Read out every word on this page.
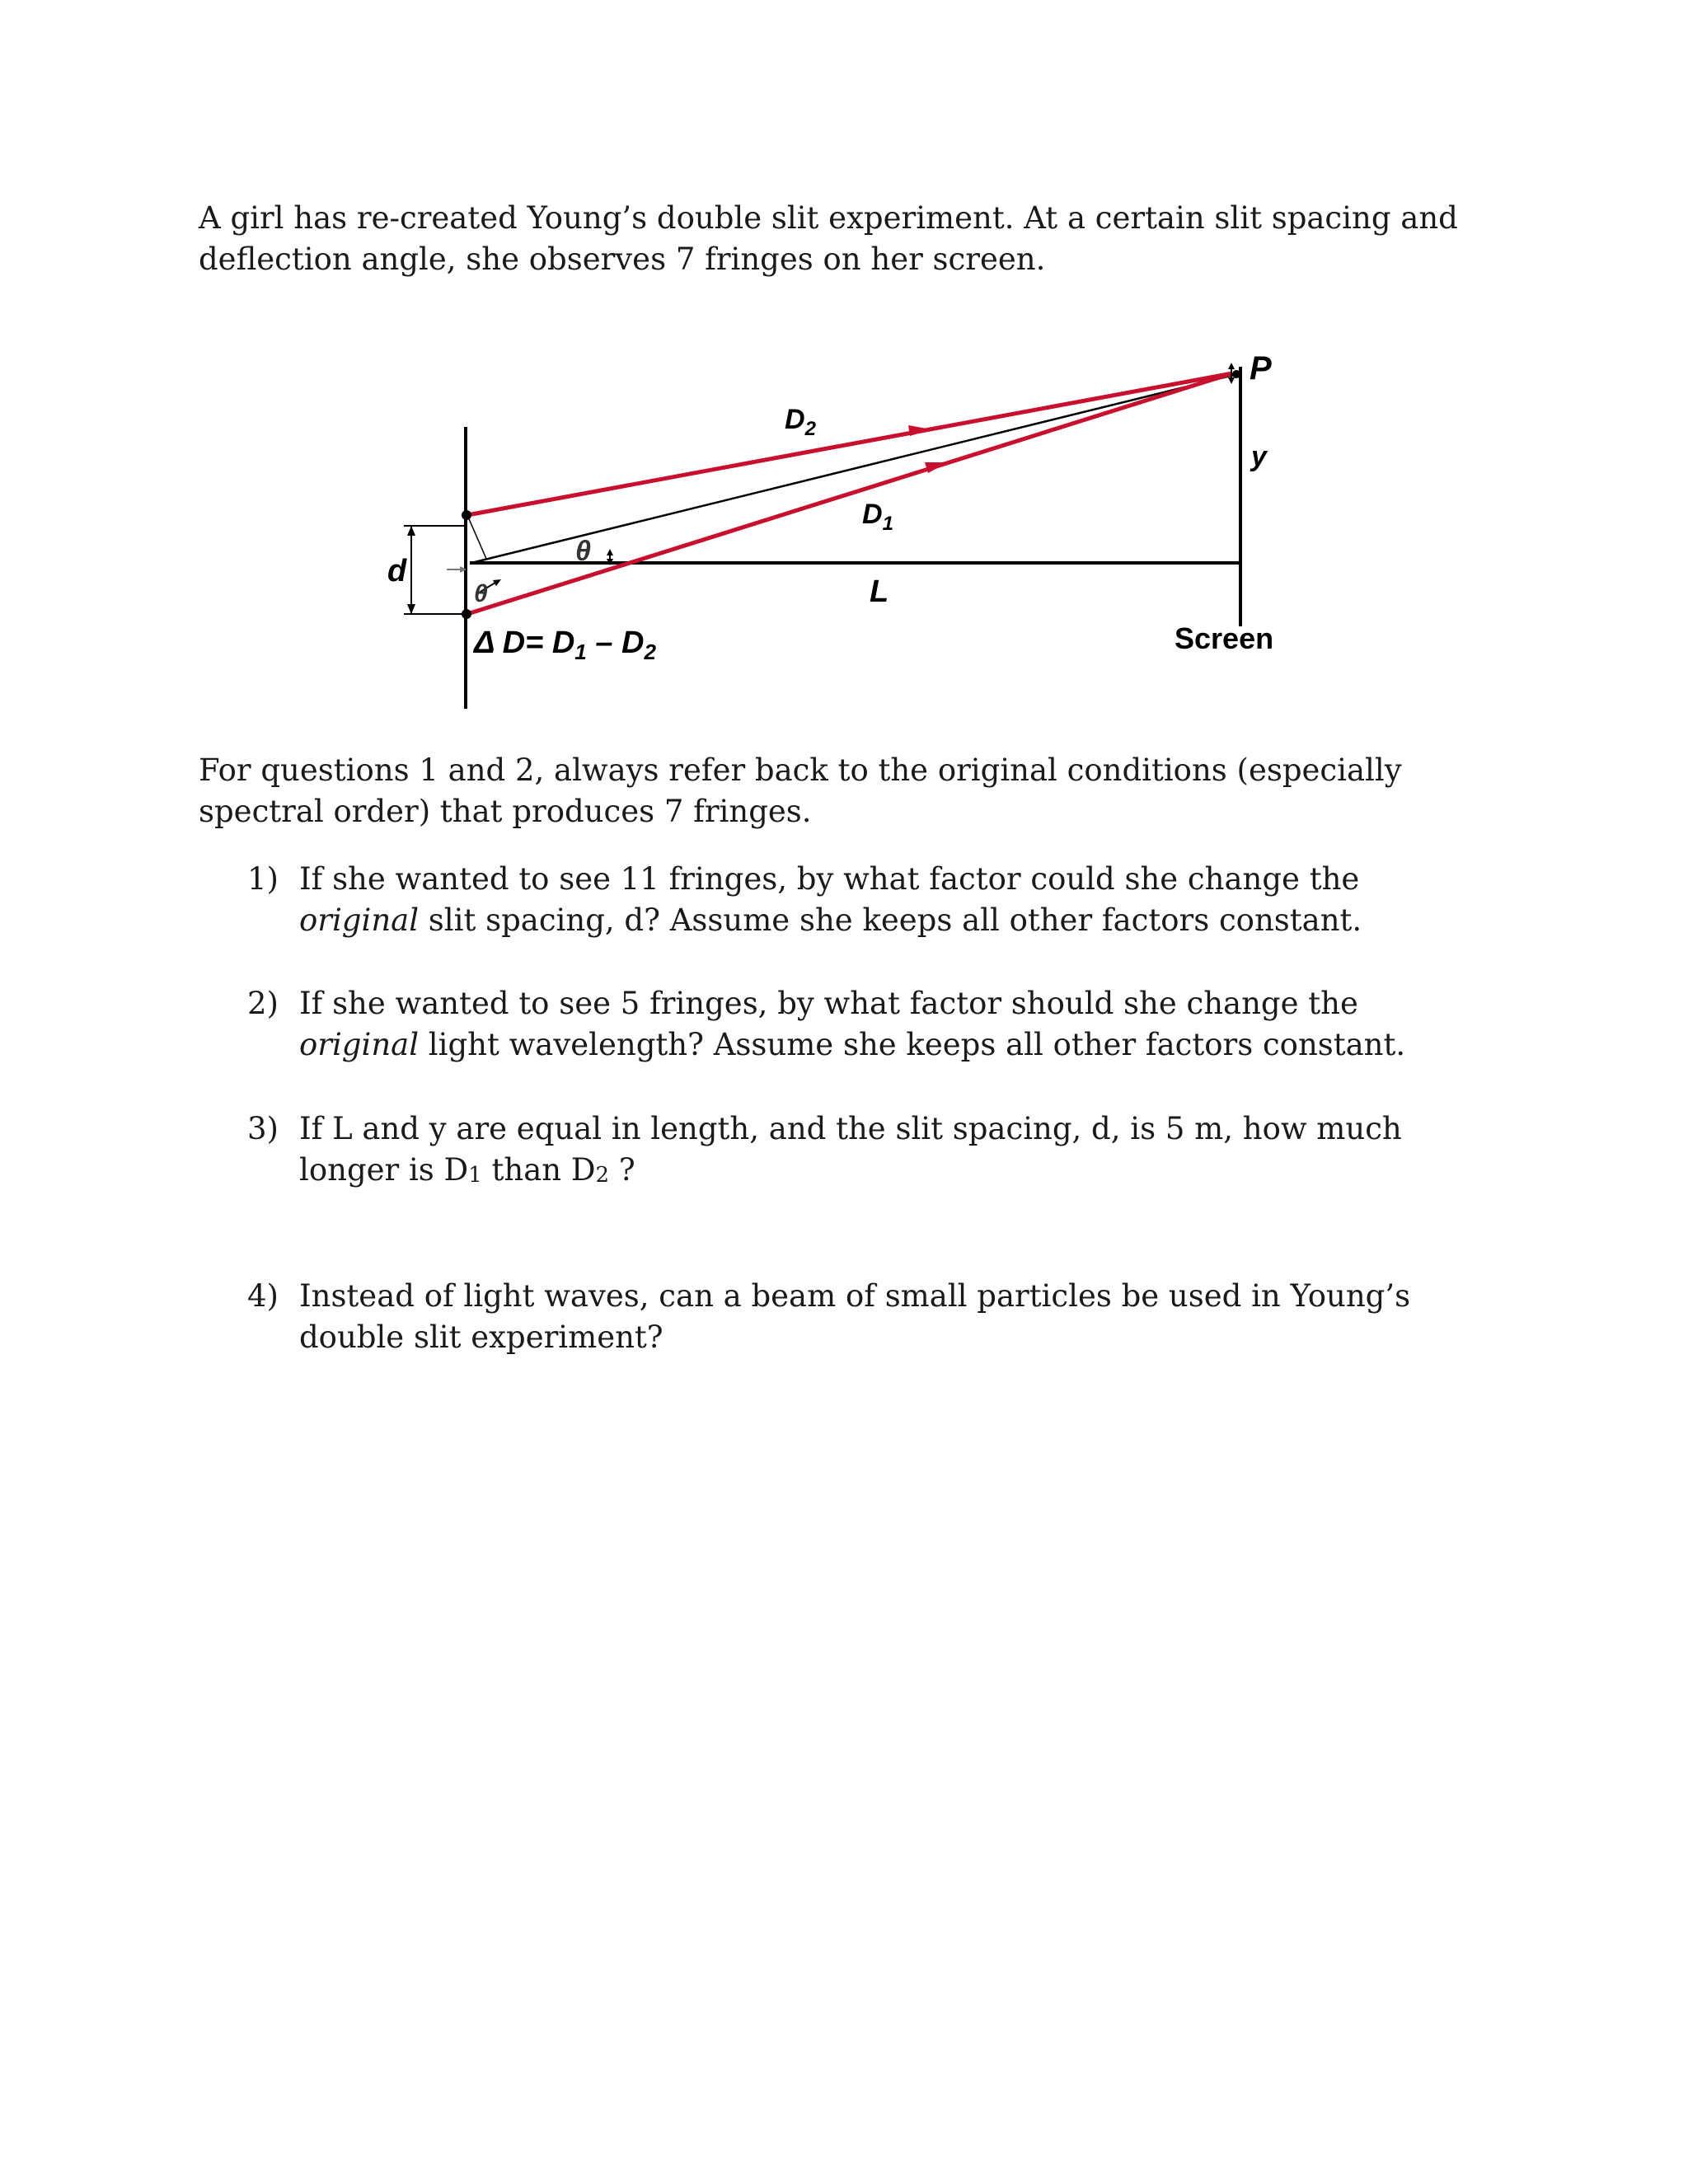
A girl has re-created Young’s double slit experiment. At a certain slit spacing and deflection angle, she observes 7 fringes on her screen.

P
y
d
$D_2$
$D_1$
L
θ
θ
Δ $D= D_1 - D_2$	Screen

For questions 1 and 2, always refer back to the original conditions (especially spectral order) that produces 7 fringes.

1) If she wanted to see 11 fringes, by what factor could she change the original slit spacing, d? Assume she keeps all other factors constant.
2) If she wanted to see 5 fringes, by what factor should she change the original light wavelength? Assume she keeps all other factors constant.
3) If L and y are equal in length, and the slit spacing, d, is 5 m, how much longer is D1 than D2 ?
4) Instead of light waves, can a beam of small particles be used in Young’s double slit experiment?
